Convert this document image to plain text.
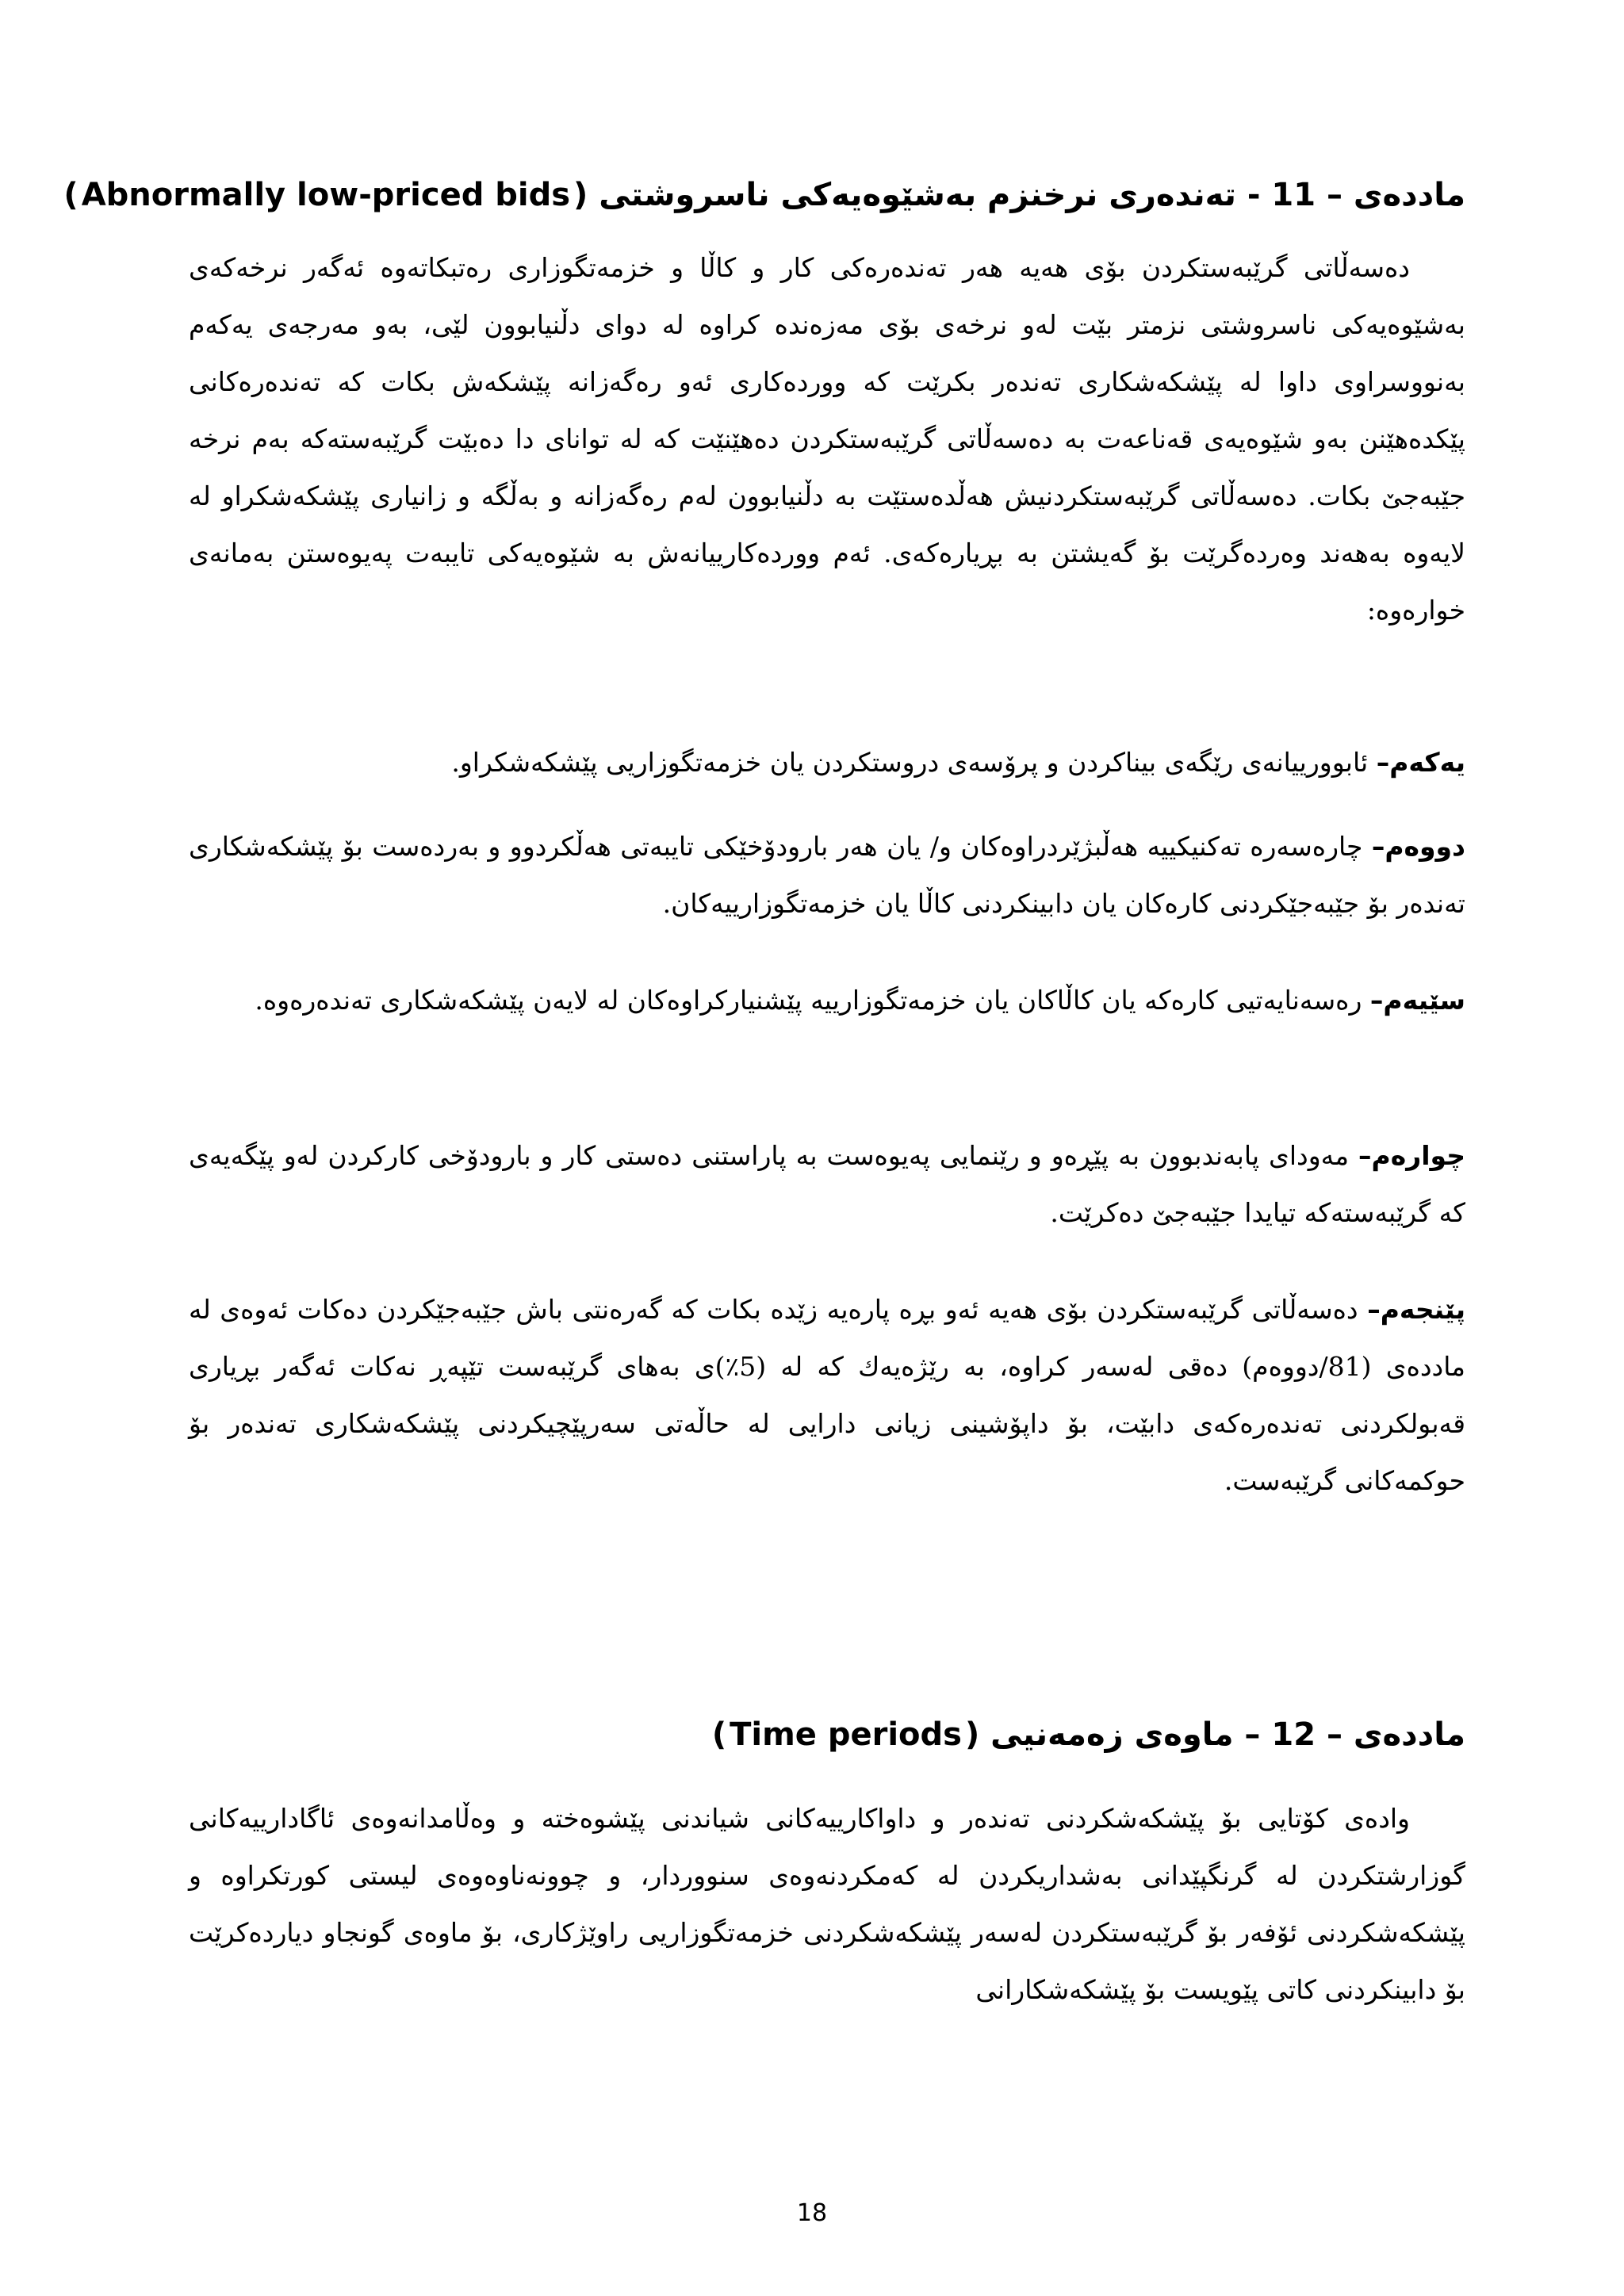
ماددەی – 11 - تەندەری نرخنزم بەشێوەیەکی ناسروشتی ( Abnormally low-priced bids )
دەسەڵاتی گرێبەستکردن بۆی هەیە هەر تەندەرەکی کار و کاڵا و خزمەتگوزاری رەتبکاتەوە ئەگەر نرخەکەی بەشێوەیەکی ناسروشتی نزمتر بێت لەو نرخەی بۆی مەزەندە کراوە لە دوای دڵنیابوون لێی، بەو مەرجەی یەکەم بەنووسراوی داوا لە پێشکەشکاری تەندەر بکرێت کە ووردەکاری ئەو رەگەزانە پێشکەش بکات کە تەندەرەکانی پێکدەهێنن بەو شێوەیەی قەناعەت بە دەسەڵاتی گرێبەستکردن دەهێنێت کە لە توانای دا دەبێت گرێبەستەکە بەم نرخە جێبەجێ بکات. دەسەڵاتی گرێبەستکردنیش هەڵدەستێت بە دڵنیابوون لەم رەگەزانە و بەڵگە و زانیاری پێشکەشکراو لە لایەوە بەهەند وەردەگرێت بۆ گەیشتن بە بڕیارەکەی. ئەم ووردەکارییانەش بە شێوەیەکی تایبەت پەیوەستن بەمانەی خوارەوە:
یەکەم– ئابوورییانەی رێگەی بیناکردن و پرۆسەی دروستکردن یان خزمەتگوزاریی پێشکەشکراو.
دووەم– چارەسەرە تەکنیکییە هەڵبژێردراوەکان و/ یان هەر بارودۆخێکی تایبەتی هەڵکردوو و بەردەست بۆ پێشکەشکاری تەندەر بۆ جێبەجێکردنی کارەکان یان دابینکردنی کاڵا یان خزمەتگوزارییەکان.
سێیەم– رەسەنایەتیی کارەکە یان کاڵاکان یان خزمەتگوزارییە پێشنیارکراوەکان لە لایەن پێشکەشکاری تەندەرەوە.
چوارەم– مەودای پابەندبوون بە پێڕەو و رێنمایی پەیوەست بە پاراستنی دەستی کار و بارودۆخی کارکردن لەو پێگەیەی کە گرێبەستەکە تیایدا جێبەجێ دەکرێت.
پێنجەم– دەسەڵاتی گرێبەستکردن بۆی هەیە ئەو بڕە پارەیە زێدە بکات کە گەرەنتی باش جێبەجێکردن دەکات ئەوەی لە ماددەی (81/دووەم) دەقی لەسەر کراوە، بە رێژەیەك کە لە (5٪)ی بەهای گرێبەست تێپەڕ نەکات ئەگەر بڕیاری قەبولکردنی تەندەرەکەی دابێت، بۆ داپۆشینی زیانی دارایی لە حاڵەتی سەرپێچیکردنی پێشکەشکاری تەندەر بۆ حوکمەکانی گرێبەست.
ماددەی – 12 – ماوەی زەمەنیی ( Time periods )
وادەی کۆتایی بۆ پێشکەشکردنی تەندەر و داواکارییەکانی شیاندنی پێشوەختە و وەڵامدانەوەی ئاگادارییەکانی گوزارشتکردن لە گرنگپێدانی بەشداریکردن لە کەمکردنەوەی سنووردار، و چوونەناوەوەی لیستی کورتکراوە و پێشکەشکردنی ئۆفەر بۆ گرێبەستکردن لەسەر پێشکەشکردنی خزمەتگوزاریی راوێژکاری، بۆ ماوەی گونجاو دیاردەکرێت بۆ دابینکردنی کاتی پێویست بۆ پێشکەشکارانی
18
